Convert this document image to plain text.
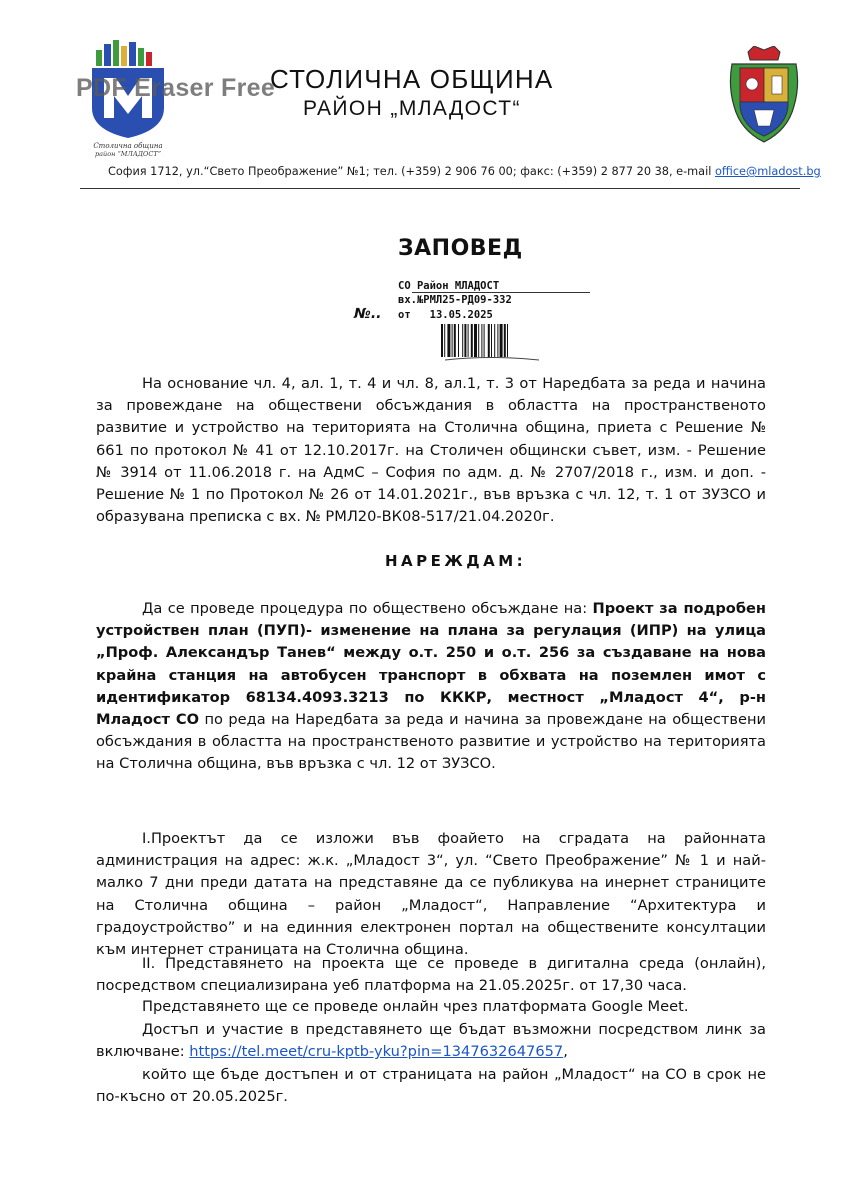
Столична община
район “МЛАДОСТ”
PDF Eraser Free
СТОЛИЧНА ОБЩИНА
РАЙОН „МЛАДОСТ“
София 1712, ул.“Свето Преображение” №1; тел. (+359) 2 906 76 00; факс: (+359) 2 877 20 38, e-mail office@mladost.bg
ЗАПОВЕД
СО Район МЛАДОСТ
вх.№РМЛ25-РД09-332
№.. от 13.05.2025
На основание чл. 4, ал. 1, т. 4 и чл. 8, ал.1, т. 3 от Наредбата за реда и начина за провеждане на обществени обсъждания в областта на пространственото развитие и устройство на територията на Столична община, приета с Решение № 661 по протокол № 41 от 12.10.2017г. на Столичен общински съвет, изм. - Решение № 3914 от 11.06.2018 г. на АдмС – София по адм. д. № 2707/2018 г., изм. и доп. - Решение № 1 по Протокол № 26 от 14.01.2021г., във връзка с чл. 12, т. 1 от ЗУЗСО и образувана преписка с вх. № РМЛ20-ВК08-517/21.04.2020г.
НАРЕЖДАМ:
Да се проведе процедура по обществено обсъждане на: Проект за подробен устройствен план (ПУП)- изменение на плана за регулация (ИПР) на улица „Проф. Александър Танев“ между о.т. 250 и о.т. 256 за създаване на нова крайна станция на автобусен транспорт в обхвата на поземлен имот с идентификатор 68134.4093.3213 по КККР, местност „Младост 4“, р-н Младост СО по реда на Наредбата за реда и начина за провеждане на обществени обсъждания в областта на пространственото развитие и устройство на територията на Столична община, във връзка с чл. 12 от ЗУЗСО.
I.Проектът да се изложи във фоайето на сградата на районната администрация на адрес: ж.к. „Младост 3“, ул. “Свето Преображение” № 1 и най-малко 7 дни преди датата на представяне да се публикува на инернет страниците на Столична община – район „Младост“, Направление “Архитектура и градоустройство” и на единния електронен портал на обществените консултации към интернет страницата на Столична община.
II. Представянето на проекта ще се проведе в дигитална среда (онлайн), посредством специализирана уеб платформа на 21.05.2025г. от 17,30 часа.
Представянето ще се проведе онлайн чрез платформата Google Meet.
Достъп и участие в представянето ще бъдат възможни посредством линк за включване: https://tel.meet/cru-kptb-yku?pin=1347632647657,
който ще бъде достъпен и от страницата на район „Младост“ на СО в срок не по-късно от 20.05.2025г.
